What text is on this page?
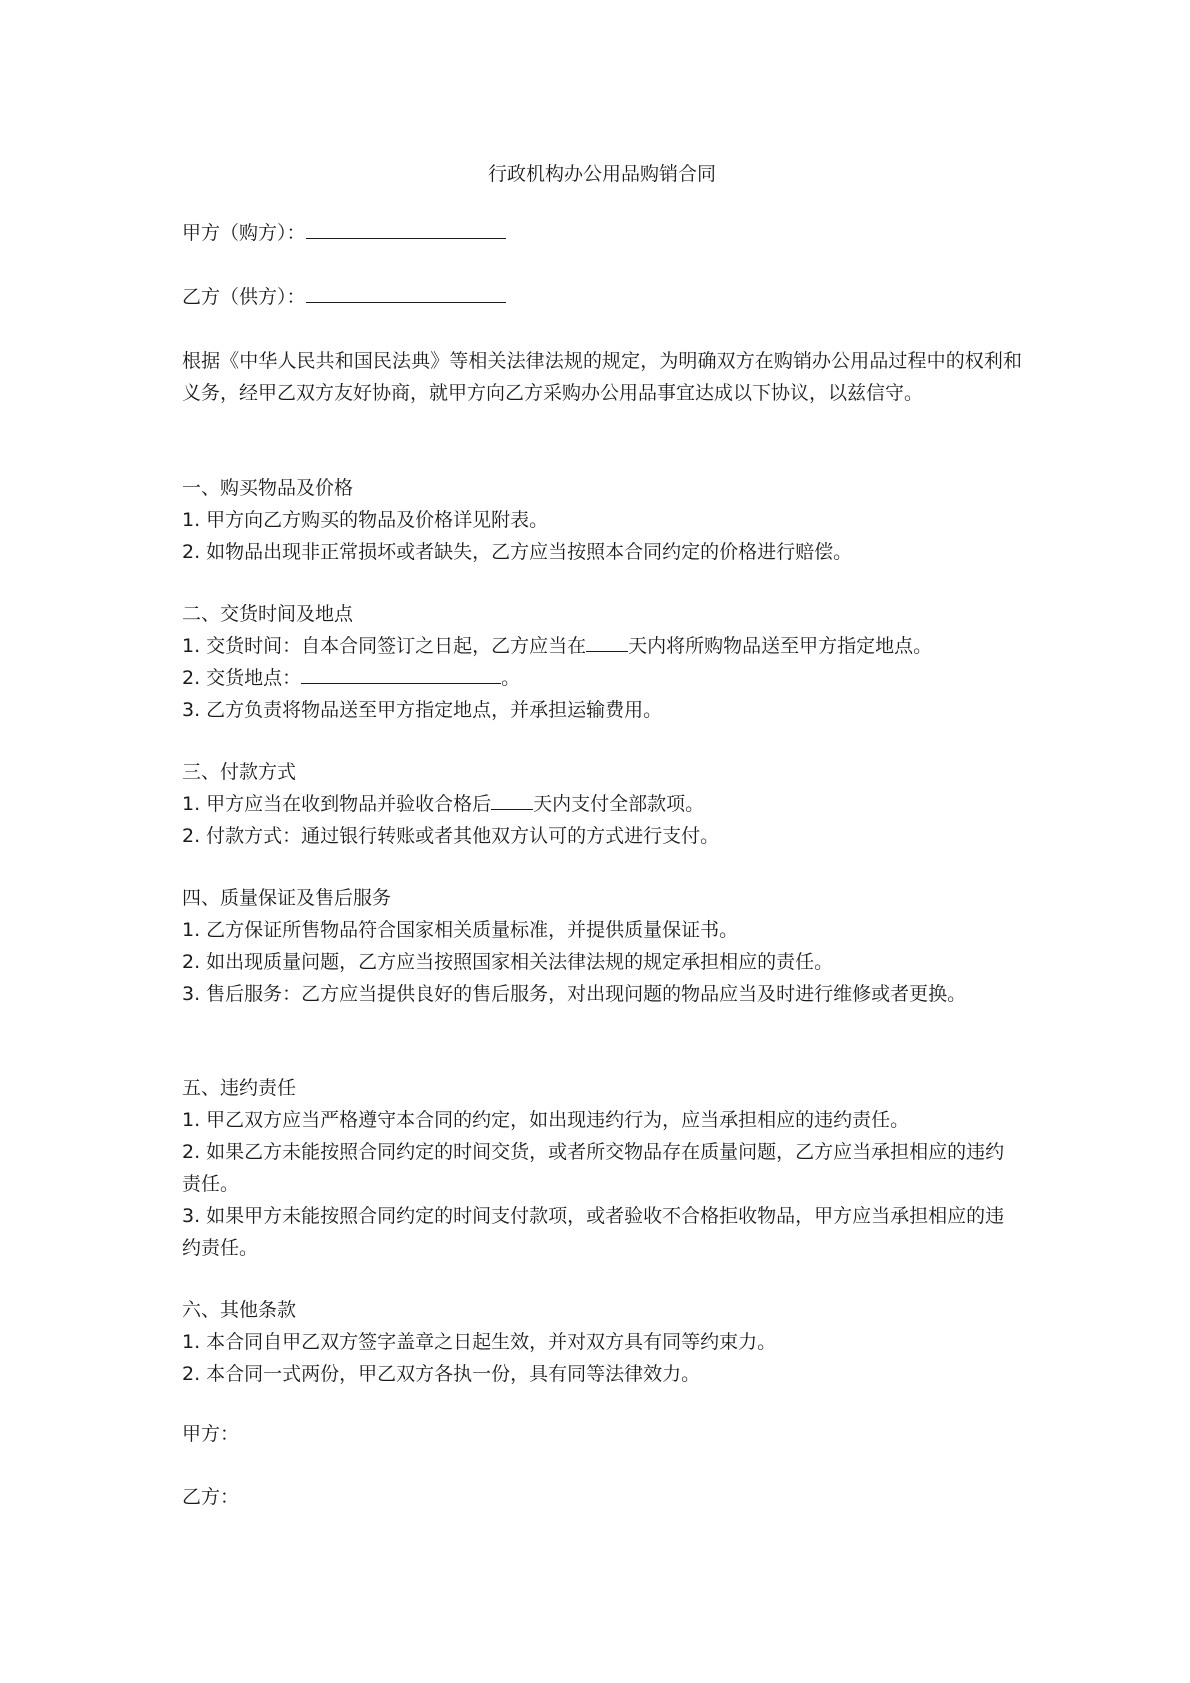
行政机构办公用品购销合同
甲方（购方）：
乙方（供方）：
根据《中华人民共和国民法典》等相关法律法规的规定，为明确双方在购销办公用品过程中的权利和义务，经甲乙双方友好协商，就甲方向乙方采购办公用品事宜达成以下协议，以兹信守。

一、购买物品及价格

1. 甲方向乙方购买的物品及价格详见附表。

2. 如物品出现非正常损坏或者缺失，乙方应当按照本合同约定的价格进行赔偿。

二、交货时间及地点

1. 交货时间：自本合同签订之日起，乙方应当在 天内将所购物品送至甲方指定地点。

2. 交货地点：	。

3. 乙方负责将物品送至甲方指定地点，并承担运输费用。

三、付款方式

1. 甲方应当在收到物品并验收合格后 天内支付全部款项。

2. 付款方式：通过银行转账或者其他双方认可的方式进行支付。

四、质量保证及售后服务

1. 乙方保证所售物品符合国家相关质量标准，并提供质量保证书。

2. 如出现质量问题，乙方应当按照国家相关法律法规的规定承担相应的责任。

3. 售后服务：乙方应当提供良好的售后服务，对出现问题的物品应当及时进行维修或者更换。

五、违约责任

1. 甲乙双方应当严格遵守本合同的约定，如出现违约行为，应当承担相应的违约责任。

2. 如果乙方未能按照合同约定的时间交货，或者所交物品存在质量问题，乙方应当承担相应的违约责任。

3. 如果甲方未能按照合同约定的时间支付款项，或者验收不合格拒收物品，甲方应当承担相应的违约责任。

六、其他条款

1. 本合同自甲乙双方签字盖章之日起生效，并对双方具有同等约束力。

2. 本合同一式两份，甲乙双方各执一份，具有同等法律效力。

甲方：
乙方：
